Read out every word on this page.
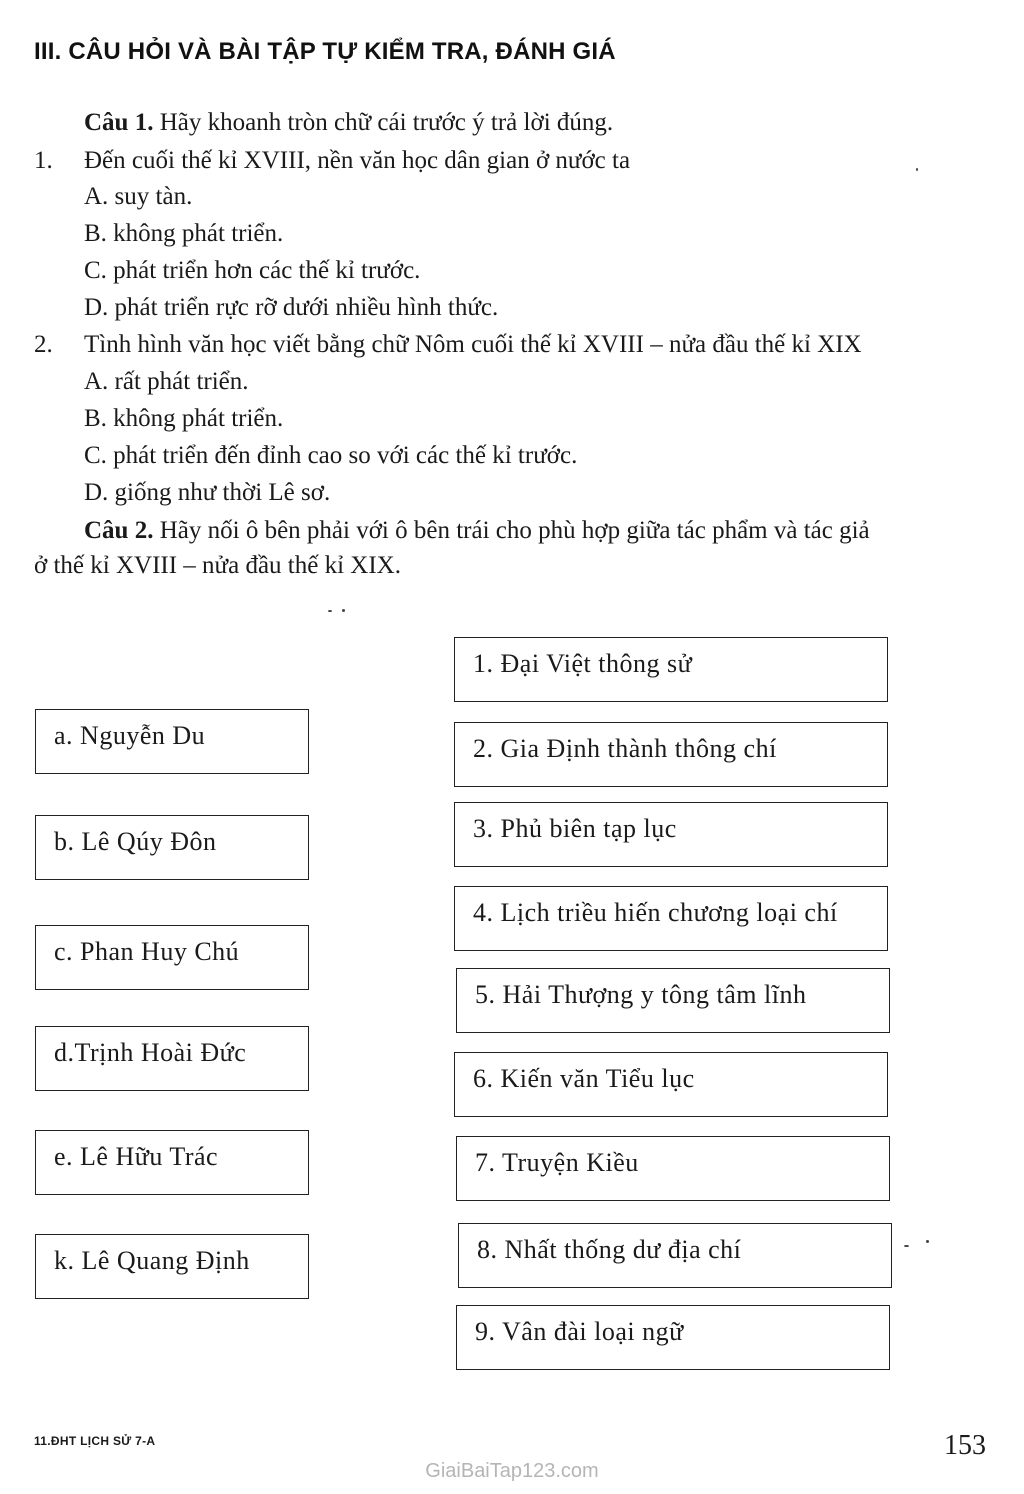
III. CÂU HỎI VÀ BÀI TẬP TỰ KIỂM TRA, ĐÁNH GIÁ
Câu 1. Hãy khoanh tròn chữ cái trước ý trả lời đúng.
1. Đến cuối thế kỉ XVIII, nền văn học dân gian ở nước ta
A. suy tàn.
B. không phát triển.
C. phát triển hơn các thế kỉ trước.
D. phát triển rực rỡ dưới nhiều hình thức.
2. Tình hình văn học viết bằng chữ Nôm cuối thế kỉ XVIII – nửa đầu thế kỉ XIX
A. rất phát triển.
B. không phát triển.
C. phát triển đến đỉnh cao so với các thế kỉ trước.
D. giống như thời Lê sơ.
Câu 2. Hãy nối ô bên phải với ô bên trái cho phù hợp giữa tác phẩm và tác giả
ở thế kỉ XVIII – nửa đầu thế kỉ XIX.
a. Nguyễn Du
b. Lê Qúy Đôn
c. Phan Huy Chú
d.Trịnh Hoài Đức
e. Lê Hữu Trác
k. Lê Quang Định
1. Đại Việt thông sử
2. Gia Định thành thông chí
3. Phủ biên tạp lục
4. Lịch triều hiến chương loại chí
5. Hải Thượng y tông tâm lĩnh
6. Kiến văn Tiểu lục
7. Truyện Kiều
8. Nhất thống dư địa chí
9. Vân đài loại ngữ
11.ĐHT LỊCH SỬ 7-A	153
GiaiBaiTap123.com
